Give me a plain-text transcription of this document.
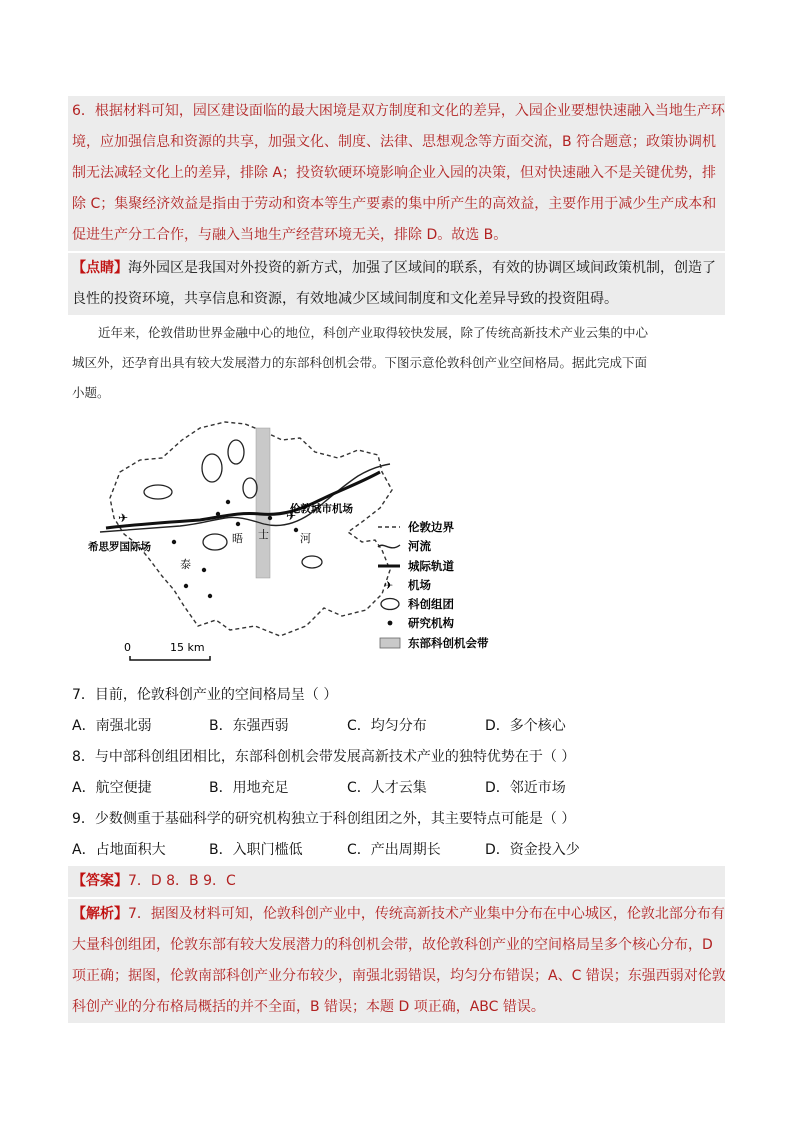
6．根据材料可知，园区建设面临的最大困境是双方制度和文化的差异，入园企业要想快速融入当地生产环
境，应加强信息和资源的共享，加强文化、制度、法律、思想观念等方面交流，B 符合题意；政策协调机
制无法减轻文化上的差异，排除 A；投资软硬环境影响企业入园的决策，但对快速融入不是关键优势，排
除 C；集聚经济效益是指由于劳动和资本等生产要素的集中所产生的高效益，主要作用于减少生产成本和
促进生产分工合作，与融入当地生产经营环境无关，排除 D。故选 B。
【点睛】海外园区是我国对外投资的新方式，加强了区域间的联系，有效的协调区域间政策机制，创造了
良性的投资环境，共享信息和资源，有效地减少区域间制度和文化差异导致的投资阻碍。
近年来，伦敦借助世界金融中心的地位，科创产业取得较快发展，除了传统高新技术产业云集的中心
城区外，还孕育出具有较大发展潜力的东部科创机会带。下图示意伦敦科创产业空间格局。据此完成下面
小题。
✈	✈
希思罗国际场
伦敦城市机场
晤 士	河
泰
0	15 km
伦敦边界
河流
城际轨道
✈ 机场
科创组团
研究机构
东部科创机会带
7．目前，伦敦科创产业的空间格局呈（ ）
A．南强北弱	B．东强西弱	C．均匀分布	D．多个核心
8．与中部科创组团相比，东部科创机会带发展高新技术产业的独特优势在于（ ）
A．航空便捷	B．用地充足	C．人才云集	D．邻近市场
9．少数侧重于基础科学的研究机构独立于科创组团之外，其主要特点可能是（ ）
A．占地面积大	B．入职门槛低	C．产出周期长	D．资金投入少
【答案】7．D 8．B 9．C
【解析】7．据图及材料可知，伦敦科创产业中，传统高新技术产业集中分布在中心城区，伦敦北部分布有
大量科创组团，伦敦东部有较大发展潜力的科创机会带，故伦敦科创产业的空间格局呈多个核心分布，D
项正确；据图，伦敦南部科创产业分布较少，南强北弱错误，均匀分布错误；A、C 错误；东强西弱对伦敦
科创产业的分布格局概括的并不全面，B 错误；本题 D 项正确，ABC 错误。
